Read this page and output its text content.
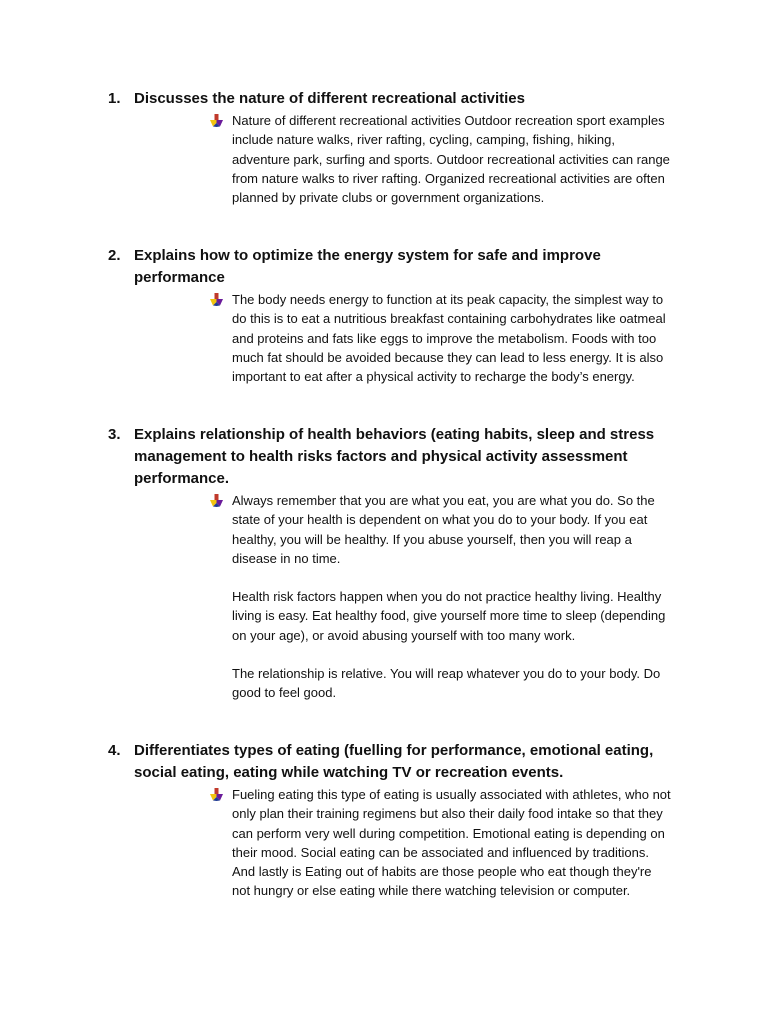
1. Discusses the nature of different recreational activities

Nature of different recreational activities Outdoor recreation sport examples include nature walks, river rafting, cycling, camping, fishing, hiking, adventure park, surfing and sports. Outdoor recreational activities can range from nature walks to river rafting. Organized recreational activities are often planned by private clubs or government organizations.

2. Explains how to optimize the energy system for safe and improve performance

The body needs energy to function at its peak capacity, the simplest way to do this is to eat a nutritious breakfast containing carbohydrates like oatmeal and proteins and fats like eggs to improve the metabolism. Foods with too much fat should be avoided because they can lead to less energy. It is also important to eat after a physical activity to recharge the body’s energy.

3. Explains relationship of health behaviors (eating habits, sleep and stress management to health risks factors and physical activity assessment performance.

Always remember that you are what you eat, you are what you do. So the state of your health is dependent on what you do to your body. If you eat healthy, you will be healthy. If you abuse yourself, then you will reap a disease in no time.

Health risk factors happen when you do not practice healthy living. Healthy living is easy. Eat healthy food, give yourself more time to sleep (depending on your age), or avoid abusing yourself with too many work.

The relationship is relative. You will reap whatever you do to your body. Do good to feel good.

4. Differentiates types of eating (fuelling for performance, emotional eating, social eating, eating while watching TV or recreation events.

Fueling eating this type of eating is usually associated with athletes, who not only plan their training regimens but also their daily food intake so that they can perform very well during competition. Emotional eating is depending on their mood. Social eating can be associated and influenced by traditions. And lastly is Eating out of habits are those people who eat though they're not hungry or else eating while there watching television or computer.
